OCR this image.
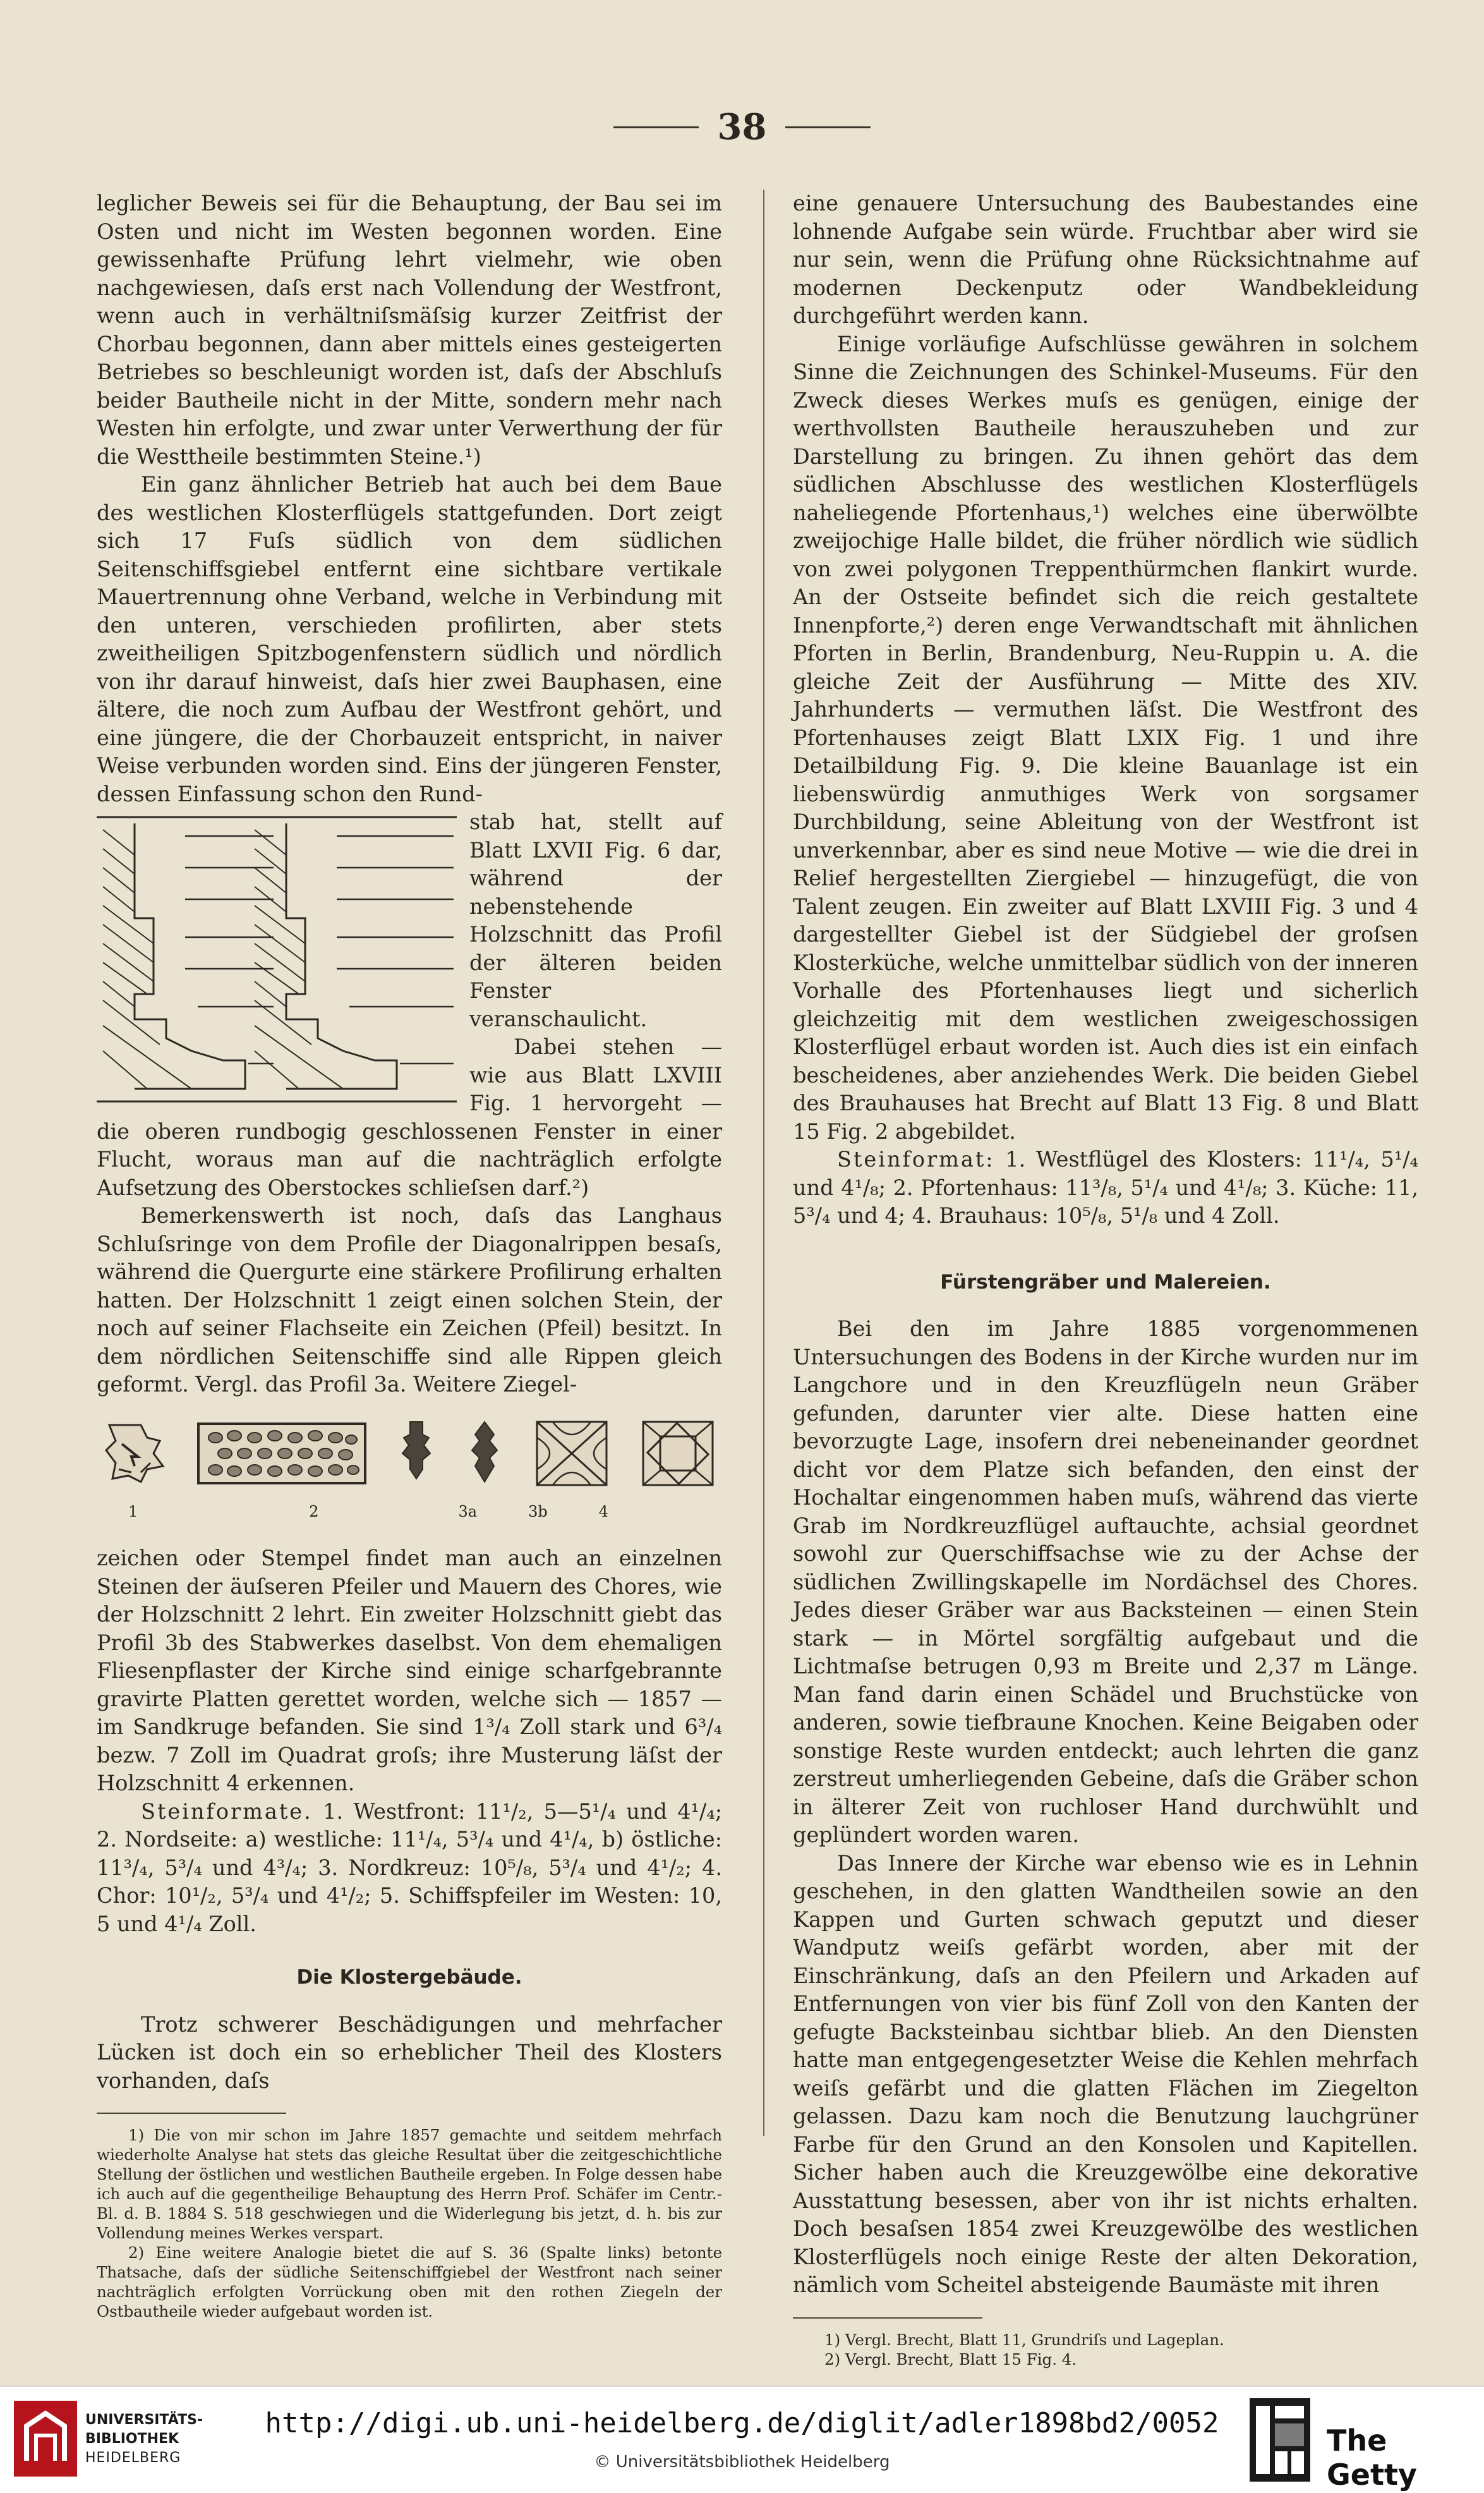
38

leglicher Beweis sei für die Behauptung, der Bau sei im Osten und nicht im Westen begonnen worden. Eine gewissenhafte Prüfung lehrt vielmehr, wie oben nachgewiesen, daſs erst nach Vollendung der Westfront, wenn auch in verhältniſsmäſsig kurzer Zeitfrist der Chorbau begonnen, dann aber mittels eines gesteigerten Betriebes so beschleunigt worden ist, daſs der Abschluſs beider Bautheile nicht in der Mitte, sondern mehr nach Westen hin erfolgte, und zwar unter Verwerthung der für die Westtheile bestimmten Steine.¹)

Ein ganz ähnlicher Betrieb hat auch bei dem Baue des westlichen Klosterflügels stattgefunden. Dort zeigt sich 17 Fuſs südlich von dem südlichen Seitenschiffsgiebel entfernt eine sichtbare vertikale Mauertrennung ohne Verband, welche in Verbindung mit den unteren, verschieden profilirten, aber stets zweitheiligen Spitzbogenfenstern südlich und nördlich von ihr darauf hinweist, daſs hier zwei Bauphasen, eine ältere, die noch zum Aufbau der Westfront gehört, und eine jüngere, die der Chorbauzeit entspricht, in naiver Weise verbunden worden sind. Eins der jüngeren Fenster, dessen Einfassung schon den Rund-

stab hat, stellt auf Blatt LXVII Fig. 6 dar, während der nebenstehende Holzschnitt das Profil der älteren beiden Fenster veranschaulicht.

Dabei stehen — wie aus Blatt LXVIII Fig. 1 hervorgeht — die oberen rundbogig geschlossenen Fenster in einer Flucht, woraus man auf die nachträglich erfolgte Aufsetzung des Oberstockes schlieſsen darf.²)

Bemerkenswerth ist noch, daſs das Langhaus Schluſsringe von dem Profile der Diagonalrippen besaſs, während die Quergurte eine stärkere Profilirung erhalten hatten. Der Holzschnitt 1 zeigt einen solchen Stein, der noch auf seiner Flachseite ein Zeichen (Pfeil) besitzt. In dem nördlichen Seitenschiffe sind alle Rippen gleich geformt. Vergl. das Profil 3a. Weitere Ziegel-

1	2	3a	3b	4

zeichen oder Stempel findet man auch an einzelnen Steinen der äuſseren Pfeiler und Mauern des Chores, wie der Holzschnitt 2 lehrt. Ein zweiter Holzschnitt giebt das Profil 3b des Stabwerkes daselbst. Von dem ehemaligen Fliesenpflaster der Kirche sind einige scharfgebrannte gravirte Platten gerettet worden, welche sich — 1857 — im Sandkruge befanden. Sie sind 1³/₄ Zoll stark und 6³/₄ bezw. 7 Zoll im Quadrat groſs; ihre Musterung läſst der Holzschnitt 4 erkennen.

Steinformate. 1. Westfront: 11¹/₂, 5—5¹/₄ und 4¹/₄; 2. Nordseite: a) westliche: 11¹/₄, 5³/₄ und 4¹/₄, b) östliche: 11³/₄, 5³/₄ und 4³/₄; 3. Nordkreuz: 10⁵/₈, 5³/₄ und 4¹/₂; 4. Chor: 10¹/₂, 5³/₄ und 4¹/₂; 5. Schiffspfeiler im Westen: 10, 5 und 4¹/₄ Zoll.

Die Klostergebäude.

Trotz schwerer Beschädigungen und mehrfacher Lücken ist doch ein so erheblicher Theil des Klosters vorhanden, daſs

1) Die von mir schon im Jahre 1857 gemachte und seitdem mehrfach wiederholte Analyse hat stets das gleiche Resultat über die zeitgeschichtliche Stellung der östlichen und westlichen Bautheile ergeben. In Folge dessen habe ich auch auf die gegentheilige Behauptung des Herrn Prof. Schäfer im Centr.-Bl. d. B. 1884 S. 518 geschwiegen und die Widerlegung bis jetzt, d. h. bis zur Vollendung meines Werkes verspart.

2) Eine weitere Analogie bietet die auf S. 36 (Spalte links) betonte Thatsache, daſs der südliche Seitenschiffgiebel der Westfront nach seiner nachträglich erfolgten Vorrückung oben mit den rothen Ziegeln der Ostbautheile wieder aufgebaut worden ist.

eine genauere Untersuchung des Baubestandes eine lohnende Aufgabe sein würde. Fruchtbar aber wird sie nur sein, wenn die Prüfung ohne Rücksichtnahme auf modernen Deckenputz oder Wandbekleidung durchgeführt werden kann.

Einige vorläufige Aufschlüsse gewähren in solchem Sinne die Zeichnungen des Schinkel-Museums. Für den Zweck dieses Werkes muſs es genügen, einige der werthvollsten Bautheile herauszuheben und zur Darstellung zu bringen. Zu ihnen gehört das dem südlichen Abschlusse des westlichen Klosterflügels naheliegende Pfortenhaus,¹) welches eine überwölbte zweijochige Halle bildet, die früher nördlich wie südlich von zwei polygonen Treppenthürmchen flankirt wurde. An der Ostseite befindet sich die reich gestaltete Innenpforte,²) deren enge Verwandtschaft mit ähnlichen Pforten in Berlin, Brandenburg, Neu-Ruppin u. A. die gleiche Zeit der Ausführung — Mitte des XIV. Jahrhunderts — vermuthen läſst. Die Westfront des Pfortenhauses zeigt Blatt LXIX Fig. 1 und ihre Detailbildung Fig. 9. Die kleine Bauanlage ist ein liebenswürdig anmuthiges Werk von sorgsamer Durchbildung, seine Ableitung von der Westfront ist unverkennbar, aber es sind neue Motive — wie die drei in Relief hergestellten Ziergiebel — hinzugefügt, die von Talent zeugen. Ein zweiter auf Blatt LXVIII Fig. 3 und 4 dargestellter Giebel ist der Südgiebel der groſsen Klosterküche, welche unmittelbar südlich von der inneren Vorhalle des Pfortenhauses liegt und sicherlich gleichzeitig mit dem westlichen zweigeschossigen Klosterflügel erbaut worden ist. Auch dies ist ein einfach bescheidenes, aber anziehendes Werk. Die beiden Giebel des Brauhauses hat Brecht auf Blatt 13 Fig. 8 und Blatt 15 Fig. 2 abgebildet.

Steinformat: 1. Westflügel des Klosters: 11¹/₄, 5¹/₄ und 4¹/₈; 2. Pfortenhaus: 11³/₈, 5¹/₄ und 4¹/₈; 3. Küche: 11, 5³/₄ und 4; 4. Brauhaus: 10⁵/₈, 5¹/₈ und 4 Zoll.

Fürstengräber und Malereien.

Bei den im Jahre 1885 vorgenommenen Untersuchungen des Bodens in der Kirche wurden nur im Langchore und in den Kreuzflügeln neun Gräber gefunden, darunter vier alte. Diese hatten eine bevorzugte Lage, insofern drei nebeneinander geordnet dicht vor dem Platze sich befanden, den einst der Hochaltar eingenommen haben muſs, während das vierte Grab im Nordkreuzflügel auftauchte, achsial geordnet sowohl zur Querschiffsachse wie zu der Achse der südlichen Zwillingskapelle im Nordächsel des Chores. Jedes dieser Gräber war aus Backsteinen — einen Stein stark — in Mörtel sorgfältig aufgebaut und die Lichtmaſse betrugen 0,93 m Breite und 2,37 m Länge. Man fand darin einen Schädel und Bruchstücke von anderen, sowie tiefbraune Knochen. Keine Beigaben oder sonstige Reste wurden entdeckt; auch lehrten die ganz zerstreut umherliegenden Gebeine, daſs die Gräber schon in älterer Zeit von ruchloser Hand durchwühlt und geplündert worden waren.

Das Innere der Kirche war ebenso wie es in Lehnin geschehen, in den glatten Wandtheilen sowie an den Kappen und Gurten schwach geputzt und dieser Wandputz weiſs gefärbt worden, aber mit der Einschränkung, daſs an den Pfeilern und Arkaden auf Entfernungen von vier bis fünf Zoll von den Kanten der gefugte Backsteinbau sichtbar blieb. An den Diensten hatte man entgegengesetzter Weise die Kehlen mehrfach weiſs gefärbt und die glatten Flächen im Ziegelton gelassen. Dazu kam noch die Benutzung lauchgrüner Farbe für den Grund an den Konsolen und Kapitellen. Sicher haben auch die Kreuzgewölbe eine dekorative Ausstattung besessen, aber von ihr ist nichts erhalten. Doch besaſsen 1854 zwei Kreuzgewölbe des westlichen Klosterflügels noch einige Reste der alten Dekoration, nämlich vom Scheitel absteigende Baumäste mit ihren

1) Vergl. Brecht, Blatt 11, Grundriſs und Lageplan.

2) Vergl. Brecht, Blatt 15 Fig. 4.

UNIVERSITÄTS-
BIBLIOTHEK
HEIDELBERG
http://digi.ub.uni-heidelberg.de/diglit/adler1898bd2/0052
© Universitätsbibliothek Heidelberg
The Getty
